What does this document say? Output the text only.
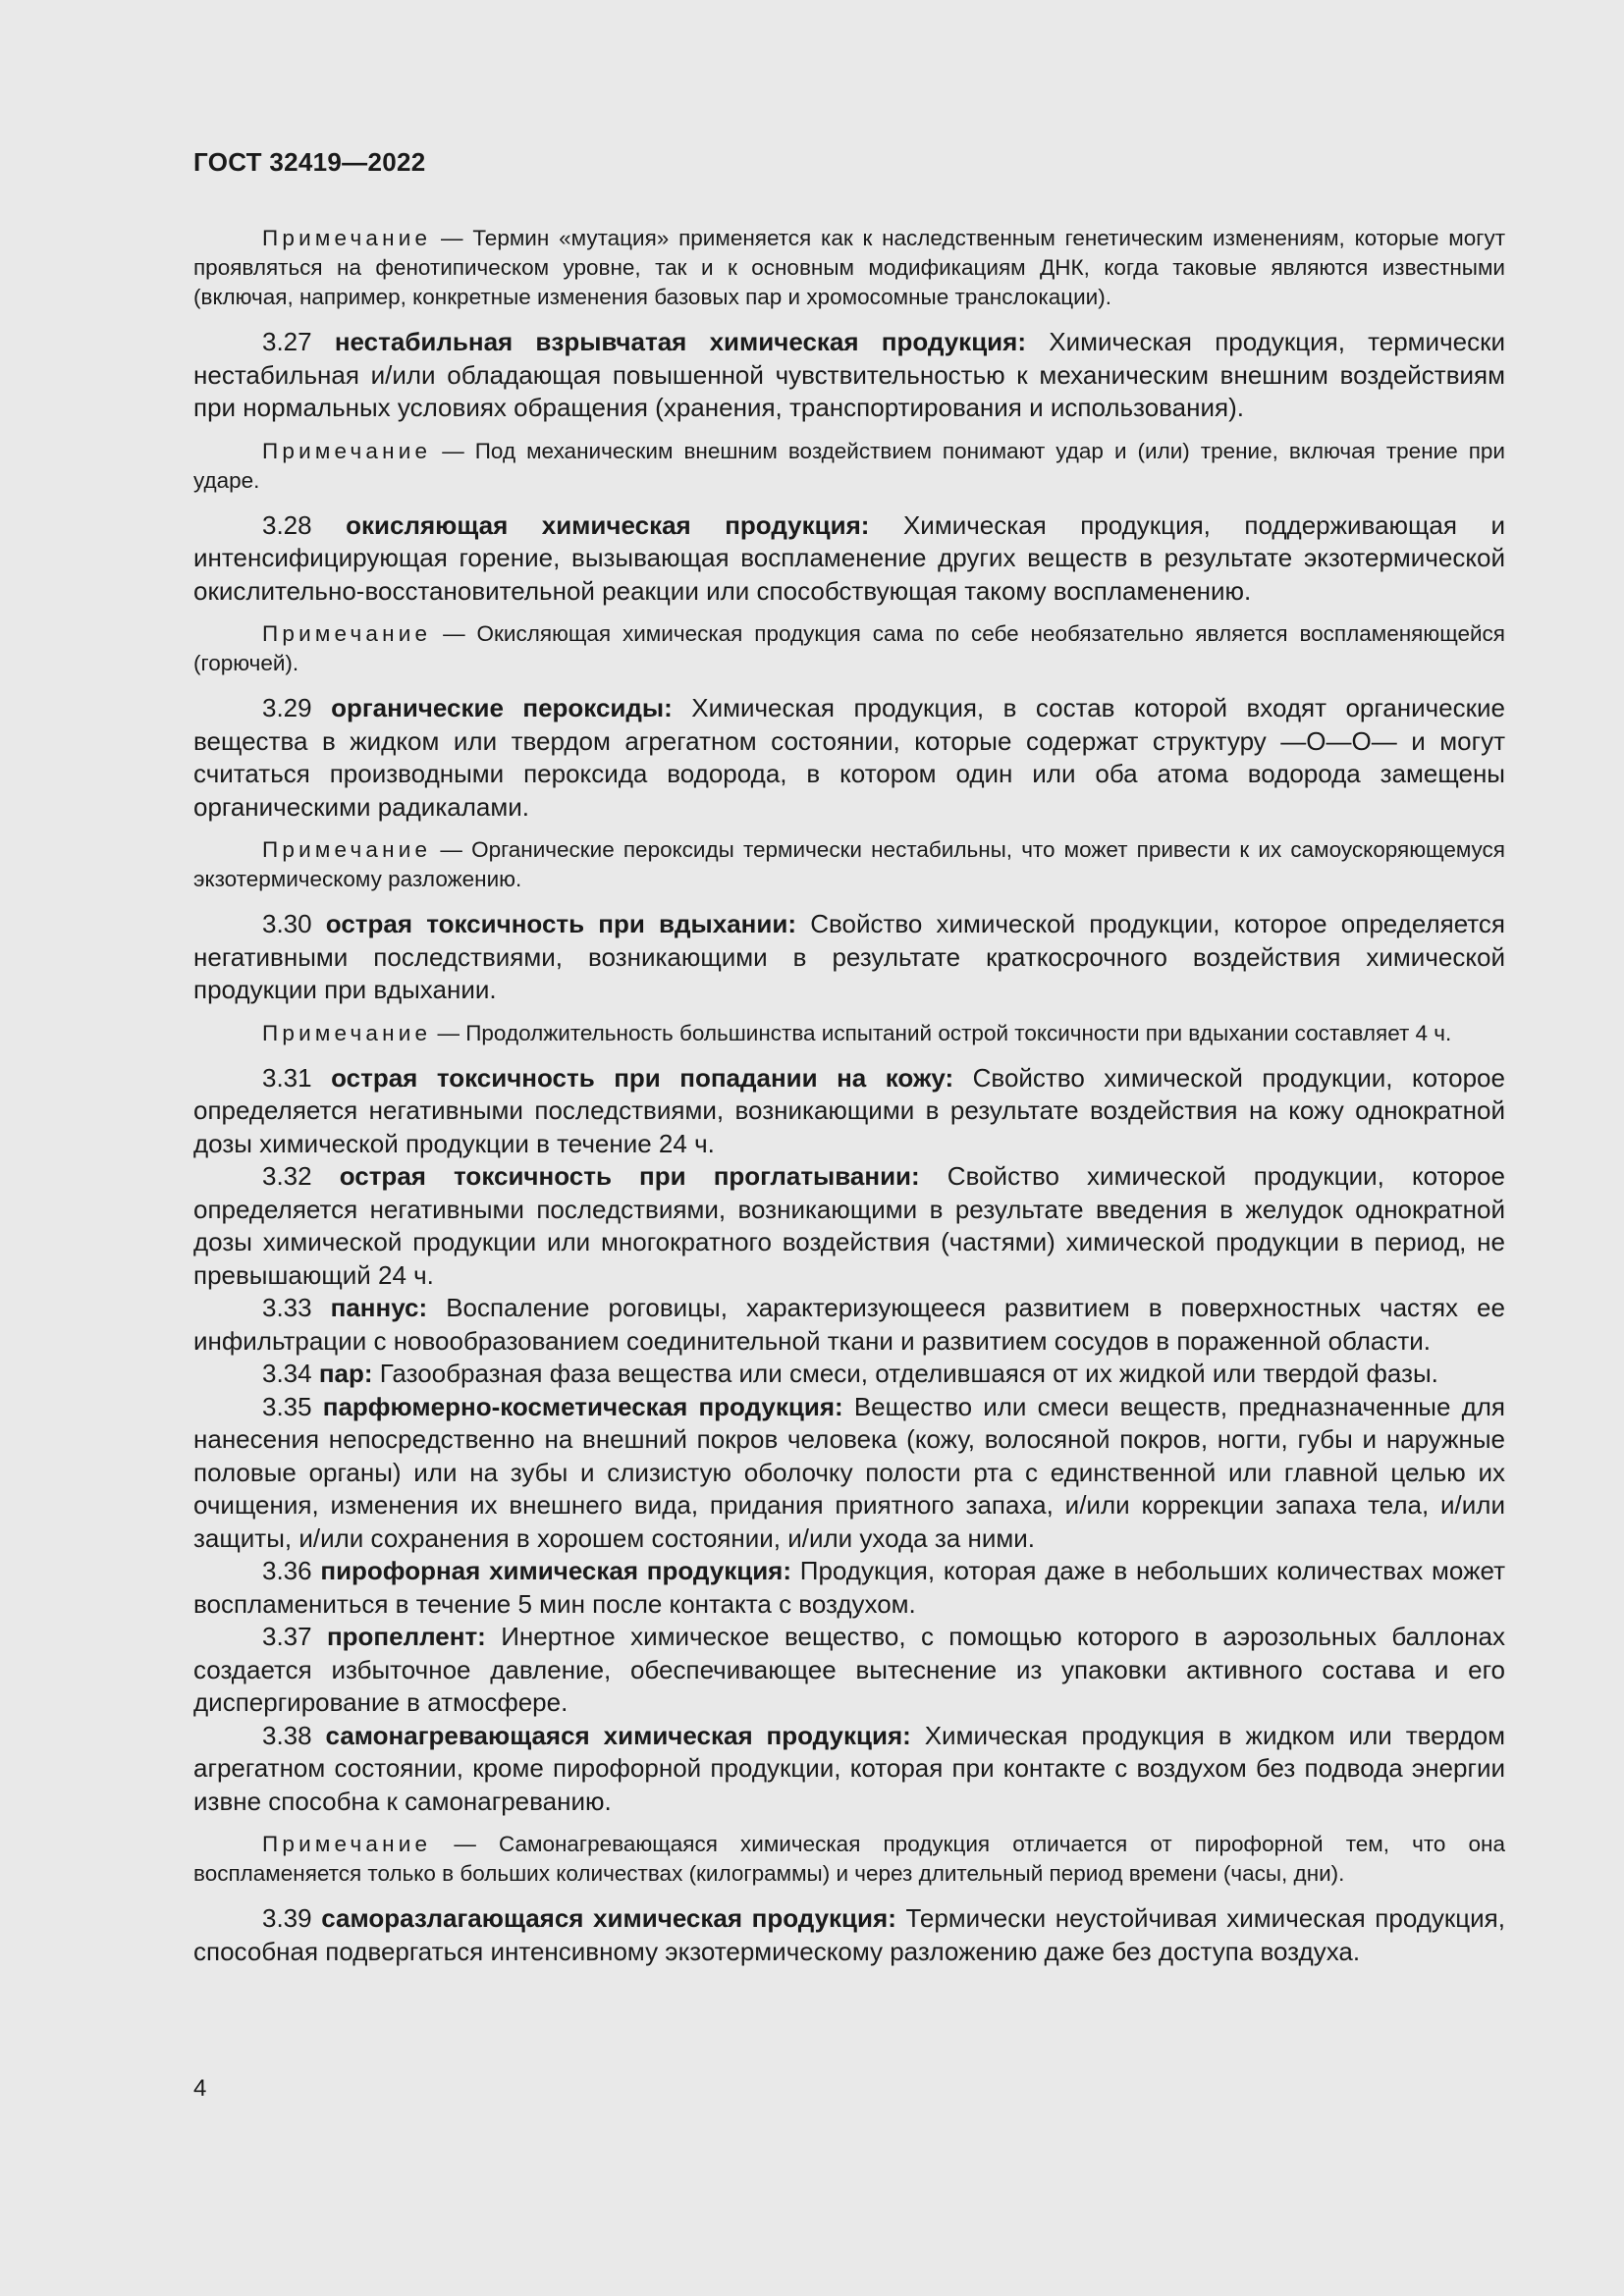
ГОСТ 32419—2022

Примечание — Термин «мутация» применяется как к наследственным генетическим изменениям, которые могут проявляться на фенотипическом уровне, так и к основным модификациям ДНК, когда таковые являются известными (включая, например, конкретные изменения базовых пар и хромосомные транслокации).

3.27 нестабильная взрывчатая химическая продукция: Химическая продукция, термически нестабильная и/или обладающая повышенной чувствительностью к механическим внешним воздействиям при нормальных условиях обращения (хранения, транспортирования и использования).

Примечание — Под механическим внешним воздействием понимают удар и (или) трение, включая трение при ударе.

3.28 окисляющая химическая продукция: Химическая продукция, поддерживающая и интенсифицирующая горение, вызывающая воспламенение других веществ в результате экзотермической окислительно-восстановительной реакции или способствующая такому воспламенению.

Примечание — Окисляющая химическая продукция сама по себе необязательно является воспламеняющейся (горючей).

3.29 органические пероксиды: Химическая продукция, в состав которой входят органические вещества в жидком или твердом агрегатном состоянии, которые содержат структуру —О—О— и могут считаться производными пероксида водорода, в котором один или оба атома водорода замещены органическими радикалами.

Примечание — Органические пероксиды термически нестабильны, что может привести к их самоускоряющемуся экзотермическому разложению.

3.30 острая токсичность при вдыхании: Свойство химической продукции, которое определяется негативными последствиями, возникающими в результате краткосрочного воздействия химической продукции при вдыхании.

Примечание — Продолжительность большинства испытаний острой токсичности при вдыхании составляет 4 ч.

3.31 острая токсичность при попадании на кожу: Свойство химической продукции, которое определяется негативными последствиями, возникающими в результате воздействия на кожу однократной дозы химической продукции в течение 24 ч.

3.32 острая токсичность при проглатывании: Свойство химической продукции, которое определяется негативными последствиями, возникающими в результате введения в желудок однократной дозы химической продукции или многократного воздействия (частями) химической продукции в период, не превышающий 24 ч.

3.33 паннус: Воспаление роговицы, характеризующееся развитием в поверхностных частях ее инфильтрации с новообразованием соединительной ткани и развитием сосудов в пораженной области.

3.34 пар: Газообразная фаза вещества или смеси, отделившаяся от их жидкой или твердой фазы.

3.35 парфюмерно-косметическая продукция: Вещество или смеси веществ, предназначенные для нанесения непосредственно на внешний покров человека (кожу, волосяной покров, ногти, губы и наружные половые органы) или на зубы и слизистую оболочку полости рта с единственной или главной целью их очищения, изменения их внешнего вида, придания приятного запаха, и/или коррекции запаха тела, и/или защиты, и/или сохранения в хорошем состоянии, и/или ухода за ними.

3.36 пирофорная химическая продукция: Продукция, которая даже в небольших количествах может воспламениться в течение 5 мин после контакта с воздухом.

3.37 пропеллент: Инертное химическое вещество, с помощью которого в аэрозольных баллонах создается избыточное давление, обеспечивающее вытеснение из упаковки активного состава и его диспергирование в атмосфере.

3.38 самонагревающаяся химическая продукция: Химическая продукция в жидком или твердом агрегатном состоянии, кроме пирофорной продукции, которая при контакте с воздухом без подвода энергии извне способна к самонагреванию.

Примечание — Самонагревающаяся химическая продукция отличается от пирофорной тем, что она воспламеняется только в больших количествах (килограммы) и через длительный период времени (часы, дни).

3.39 саморазлагающаяся химическая продукция: Термически неустойчивая химическая продукция, способная подвергаться интенсивному экзотермическому разложению даже без доступа воздуха.

4
